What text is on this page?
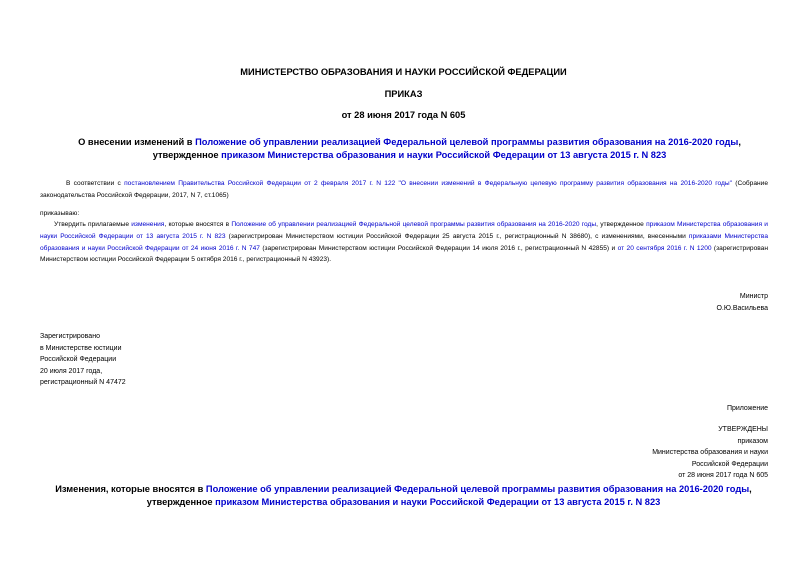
МИНИСТЕРСТВО ОБРАЗОВАНИЯ И НАУКИ РОССИЙСКОЙ ФЕДЕРАЦИИ
ПРИКАЗ
от 28 июня 2017 года N 605
О внесении изменений в Положение об управлении реализацией Федеральной целевой программы развития образования на 2016-2020 годы, утвержденное приказом Министерства образования и науки Российской Федерации от 13 августа 2015 г. N 823
В соответствии с постановлением Правительства Российской Федерации от 2 февраля 2017 г. N 122 "О внесении изменений в Федеральную целевую программу развития образования на 2016-2020 годы" (Собрание законодательства Российской Федерации, 2017, N 7, ст.1065)
приказываю:
Утвердить прилагаемые изменения, которые вносятся в Положение об управлении реализацией Федеральной целевой программы развития образования на 2016-2020 годы, утвержденное приказом Министерства образования и науки Российской Федерации от 13 августа 2015 г. N 823 (зарегистрирован Министерством юстиции Российской Федерации 25 августа 2015 г., регистрационный N 38680), с изменениями, внесенными приказами Министерства образования и науки Российской Федерации от 24 июня 2016 г. N 747 (зарегистрирован Министерством юстиции Российской Федерации 14 июля 2016 г., регистрационный N 42855) и от 20 сентября 2016 г. N 1200 (зарегистрирован Министерством юстиции Российской Федерации 5 октября 2016 г., регистрационный N 43923).
Министр
О.Ю.Васильева
Зарегистрировано
в Министерстве юстиции
Российской Федерации
20 июля 2017 года,
регистрационный N 47472
Приложение
УТВЕРЖДЕНЫ
приказом
Министерства образования и науки
Российской Федерации
от 28 июня 2017 года N 605
Изменения, которые вносятся в Положение об управлении реализацией Федеральной целевой программы развития образования на 2016-2020 годы, утвержденное приказом Министерства образования и науки Российской Федерации от 13 августа 2015 г. N 823
